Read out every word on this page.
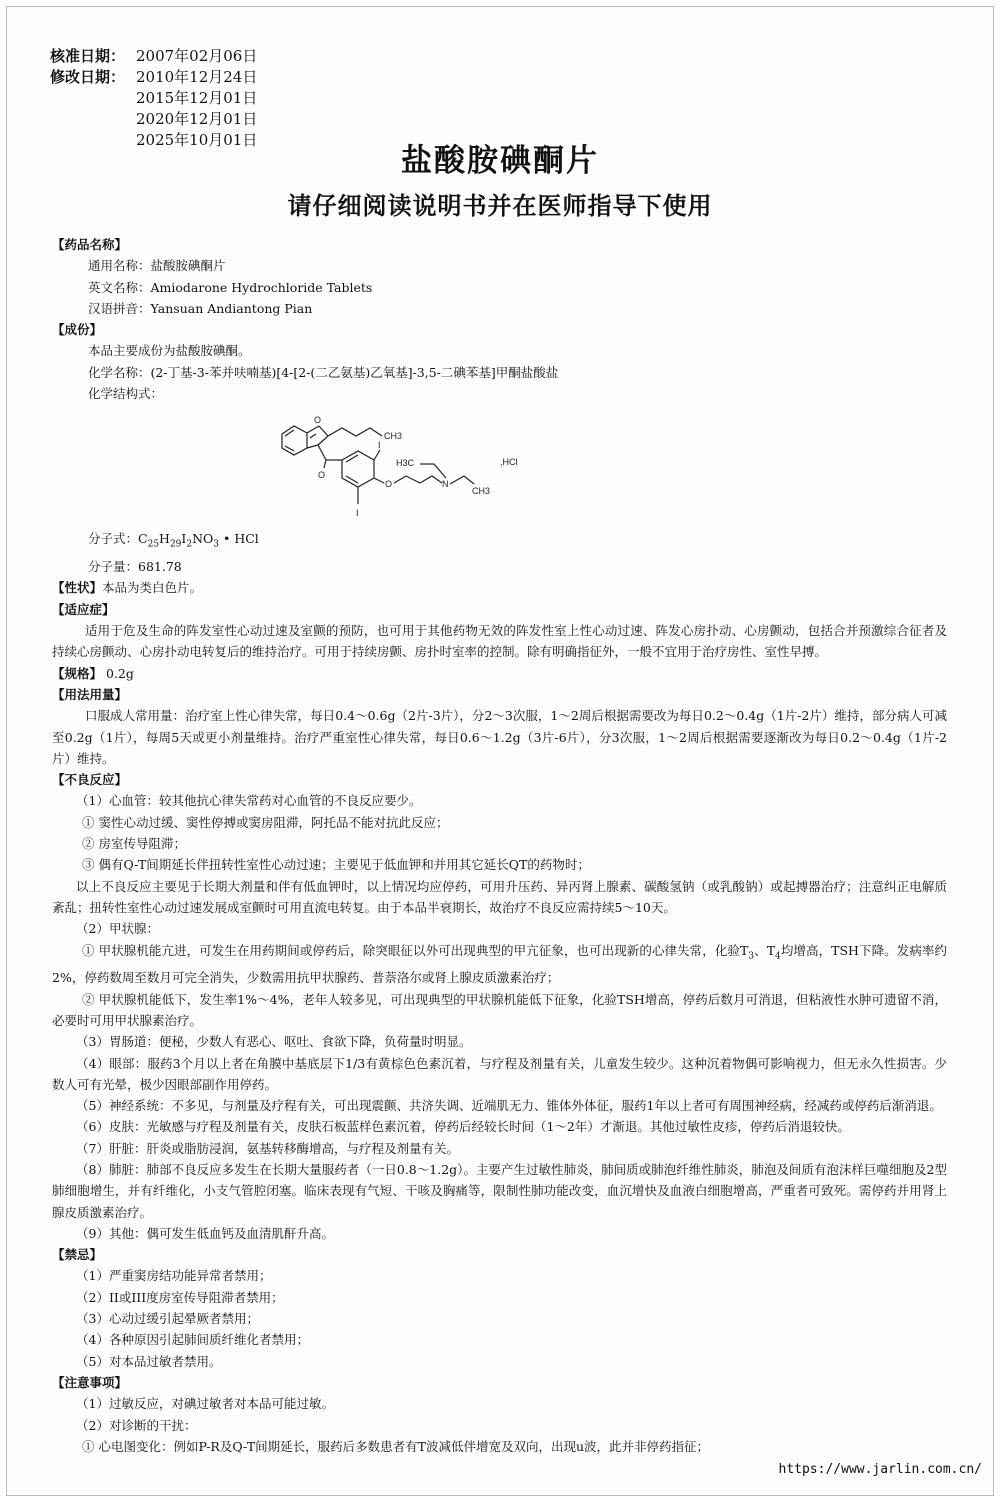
核准日期： 2007年02月06日
修改日期： 2010年12月24日
2015年12月01日
2020年12月01日
2025年10月01日
盐酸胺碘酮片
请仔细阅读说明书并在医师指导下使用
【药品名称】
通用名称：盐酸胺碘酮片
英文名称：Amiodarone Hydrochloride Tablets
汉语拼音：Yansuan Andiantong Pian
【成份】
本品主要成份为盐酸胺碘酮。
化学名称：(2-丁基-3-苯并呋喃基)[4-[2-(二乙氨基)乙氧基]-3,5-二碘苯基]甲酮盐酸盐
化学结构式：
O
CH3
O
I
I
O	N
H3C
CH3
,HCl
分子式：$C_{25}H_{29}I_2NO_3$ • HCl
分子量：681.78
【性状】本品为类白色片。
【适应症】
适用于危及生命的阵发室性心动过速及室颤的预防，也可用于其他药物无效的阵发性室上性心动过速、阵发心房扑动、心房颤动，包括合并预激综合征者及持续心房颤动、心房扑动电转复后的维持治疗。可用于持续房颤、房扑时室率的控制。除有明确指征外，一般不宜用于治疗房性、室性早搏。
【规格】 0.2g
【用法用量】
口服成人常用量：治疗室上性心律失常，每日0.4～0.6g（2片-3片），分2～3次服，1～2周后根据需要改为每日0.2～0.4g（1片-2片）维持，部分病人可减至0.2g（1片），每周5天或更小剂量维持。治疗严重室性心律失常，每日0.6～1.2g（3片-6片），分3次服，1～2周后根据需要逐渐改为每日0.2～0.4g（1片-2片）维持。
【不良反应】
（1）心血管：较其他抗心律失常药对心血管的不良反应要少。
① 窦性心动过缓、窦性停搏或窦房阻滞，阿托品不能对抗此反应；
② 房室传导阻滞；
③ 偶有Q-T间期延长伴扭转性室性心动过速；主要见于低血钾和并用其它延长QT的药物时；
以上不良反应主要见于长期大剂量和伴有低血钾时，以上情况均应停药，可用升压药、异丙肾上腺素、碳酸氢钠（或乳酸钠）或起搏器治疗；注意纠正电解质紊乱；扭转性室性心动过速发展成室颤时可用直流电转复。由于本品半衰期长，故治疗不良反应需持续5～10天。
（2）甲状腺：
① 甲状腺机能亢进，可发生在用药期间或停药后，除突眼征以外可出现典型的甲亢征象，也可出现新的心律失常，化验$T_3$、$T_4$均增高，TSH下降。发病率约2%，停药数周至数月可完全消失，少数需用抗甲状腺药、普萘洛尔或肾上腺皮质激素治疗；
② 甲状腺机能低下，发生率1%～4%，老年人较多见，可出现典型的甲状腺机能低下征象，化验TSH增高，停药后数月可消退，但粘液性水肿可遗留不消，必要时可用甲状腺素治疗。
（3）胃肠道：便秘，少数人有恶心、呕吐、食欲下降，负荷量时明显。
（4）眼部：服药3个月以上者在角膜中基底层下1/3有黄棕色色素沉着，与疗程及剂量有关，儿童发生较少。这种沉着物偶可影响视力，但无永久性损害。少数人可有光晕，极少因眼部副作用停药。
（5）神经系统：不多见，与剂量及疗程有关，可出现震颤、共济失调、近端肌无力、锥体外体征，服药1年以上者可有周围神经病，经减药或停药后渐消退。
（6）皮肤：光敏感与疗程及剂量有关，皮肤石板蓝样色素沉着，停药后经较长时间（1～2年）才渐退。其他过敏性皮疹，停药后消退较快。
（7）肝脏：肝炎或脂肪浸润，氨基转移酶增高，与疗程及剂量有关。
（8）肺脏：肺部不良反应多发生在长期大量服药者（一日0.8～1.2g）。主要产生过敏性肺炎，肺间质或肺泡纤维性肺炎，肺泡及间质有泡沫样巨噬细胞及2型肺细胞增生，并有纤维化，小支气管腔闭塞。临床表现有气短、干咳及胸痛等，限制性肺功能改变，血沉增快及血液白细胞增高，严重者可致死。需停药并用肾上腺皮质激素治疗。
（9）其他：偶可发生低血钙及血清肌酐升高。
【禁忌】
（1）严重窦房结功能异常者禁用；
（2）II或III度房室传导阻滞者禁用；
（3）心动过缓引起晕厥者禁用；
（4）各种原因引起肺间质纤维化者禁用；
（5）对本品过敏者禁用。
【注意事项】
（1）过敏反应，对碘过敏者对本品可能过敏。
（2）对诊断的干扰：
① 心电图变化：例如P-R及Q-T间期延长，服药后多数患者有T波减低伴增宽及双向，出现u波，此并非停药指征；
https://www.jarlin.com.cn/
